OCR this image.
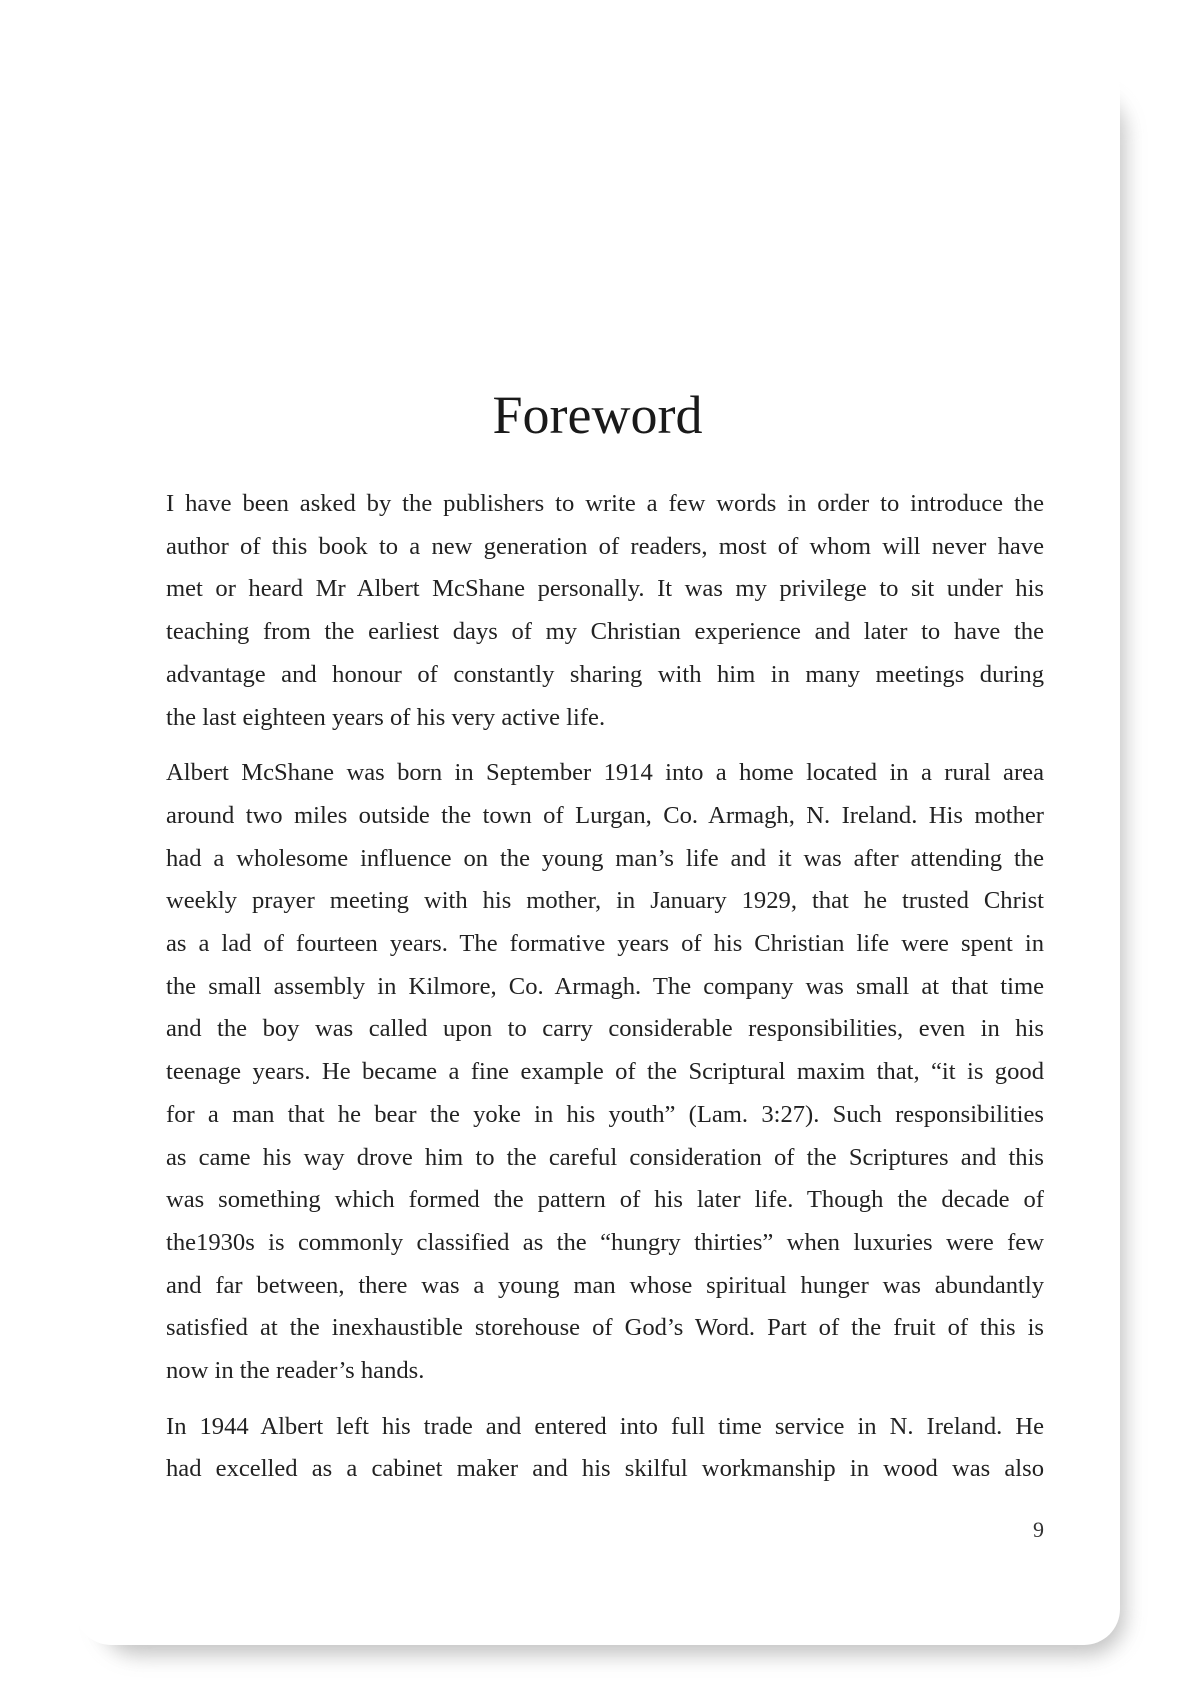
Foreword

I have been asked by the publishers to write a few words in order to introduce the
author of this book to a new generation of readers, most of whom will never have
met or heard Mr Albert McShane personally. It was my privilege to sit under his
teaching from the earliest days of my Christian experience and later to have the
advantage and honour of constantly sharing with him in many meetings during
the last eighteen years of his very active life.

Albert McShane was born in September 1914 into a home located in a rural area
around two miles outside the town of Lurgan, Co. Armagh, N. Ireland. His mother
had a wholesome influence on the young man’s life and it was after attending the
weekly prayer meeting with his mother, in January 1929, that he trusted Christ
as a lad of fourteen years. The formative years of his Christian life were spent in
the small assembly in Kilmore, Co. Armagh. The company was small at that time
and the boy was called upon to carry considerable responsibilities, even in his
teenage years. He became a fine example of the Scriptural maxim that, “it is good
for a man that he bear the yoke in his youth” (Lam. 3:27). Such responsibilities
as came his way drove him to the careful consideration of the Scriptures and this
was something which formed the pattern of his later life. Though the decade of
the1930s is commonly classified as the “hungry thirties” when luxuries were few
and far between, there was a young man whose spiritual hunger was abundantly
satisfied at the inexhaustible storehouse of God’s Word. Part of the fruit of this is
now in the reader’s hands.

In 1944 Albert left his trade and entered into full time service in N. Ireland. He
had excelled as a cabinet maker and his skilful workmanship in wood was also

9
